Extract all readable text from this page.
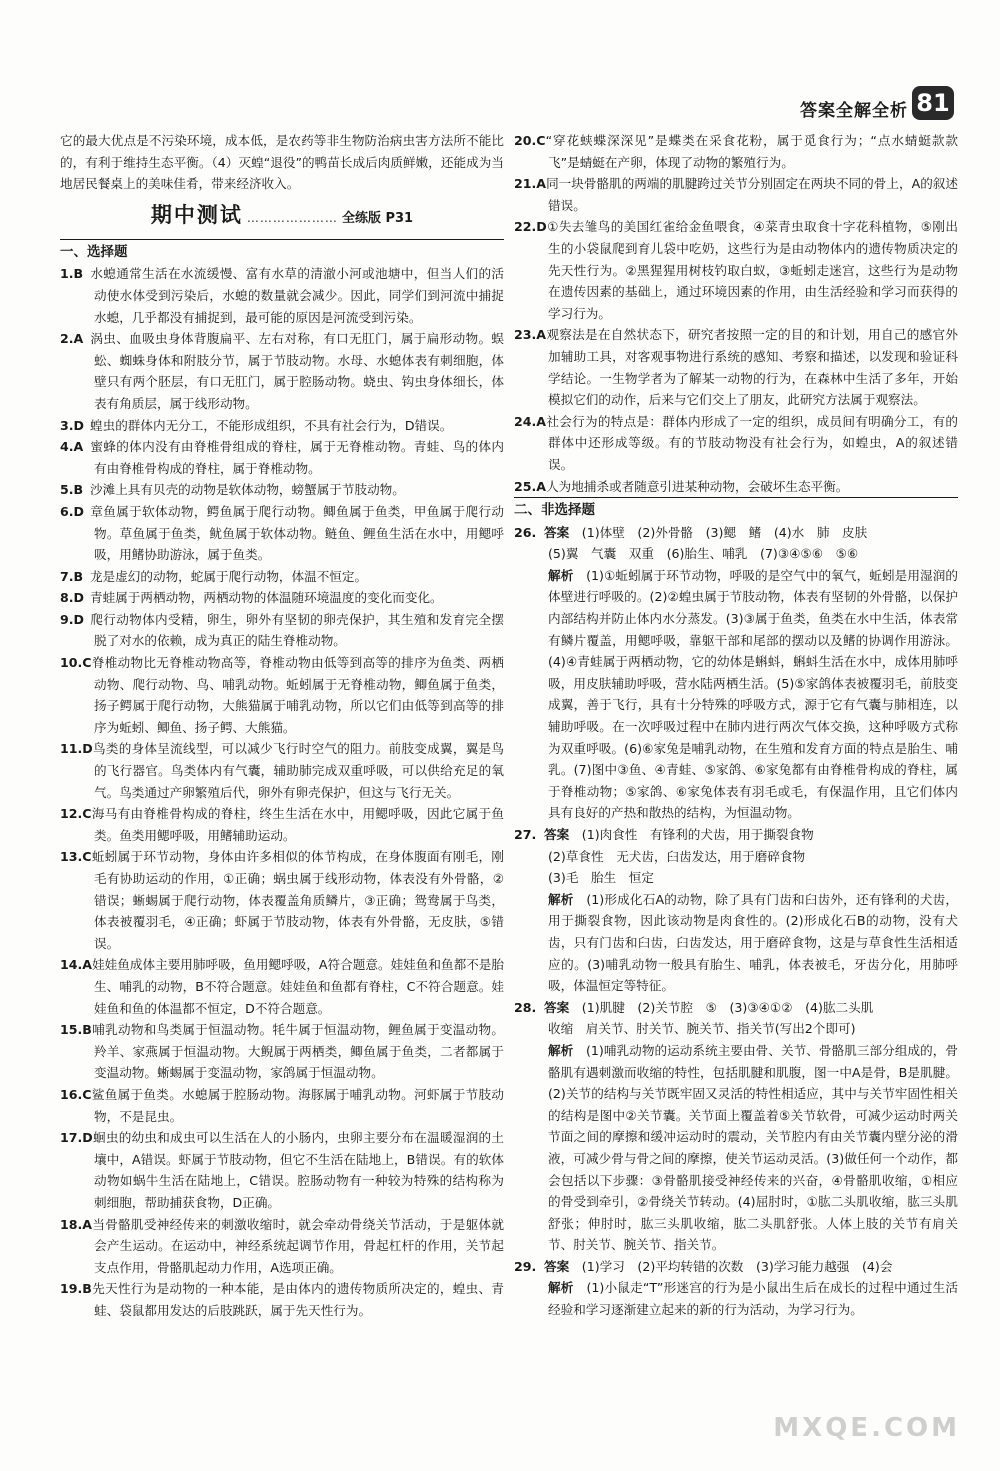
答案全解全析 81

它的最大优点是不污染环境，成本低，是农药等非生物防治病虫害方法所不能比的，有利于维持生态平衡。（4）灭蝗“退役”的鸭苗长成后肉质鲜嫩，还能成为当地居民餐桌上的美味佳肴，带来经济收入。

期中测试 ………………… 全练版 P31

一、选择题

1.B 水螅通常生活在水流缓慢、富有水草的清澈小河或池塘中，但当人们的活动使水体受到污染后，水螅的数量就会减少。因此，同学们到河流中捕捉水螅，几乎都没有捕捉到，最可能的原因是河流受到污染。

2.A 涡虫、血吸虫身体背腹扁平、左右对称，有口无肛门，属于扁形动物。蜈蚣、蜘蛛身体和附肢分节，属于节肢动物。水母、水螅体表有刺细胞，体壁只有两个胚层，有口无肛门，属于腔肠动物。蛲虫、钩虫身体细长，体表有角质层，属于线形动物。

3.D 蝗虫的群体内无分工，不能形成组织，不具有社会行为，D错误。

4.A 蜜蜂的体内没有由脊椎骨组成的脊柱，属于无脊椎动物。青蛙、鸟的体内有由脊椎骨构成的脊柱，属于脊椎动物。

5.B 沙滩上具有贝壳的动物是软体动物，螃蟹属于节肢动物。

6.D 章鱼属于软体动物，鳄鱼属于爬行动物。鲫鱼属于鱼类，甲鱼属于爬行动物。草鱼属于鱼类，鱿鱼属于软体动物。鲢鱼、鲤鱼生活在水中，用鳃呼吸，用鳍协助游泳，属于鱼类。

7.B 龙是虚幻的动物，蛇属于爬行动物，体温不恒定。

8.D 青蛙属于两栖动物，两栖动物的体温随环境温度的变化而变化。

9.D 爬行动物体内受精，卵生，卵外有坚韧的卵壳保护，其生殖和发育完全摆脱了对水的依赖，成为真正的陆生脊椎动物。

10.C脊椎动物比无脊椎动物高等，脊椎动物由低等到高等的排序为鱼类、两栖动物、爬行动物、鸟、哺乳动物。蚯蚓属于无脊椎动物，鲫鱼属于鱼类，扬子鳄属于爬行动物，大熊猫属于哺乳动物，所以它们由低等到高等的排序为蚯蚓、鲫鱼、扬子鳄、大熊猫。

11.D鸟类的身体呈流线型，可以减少飞行时空气的阻力。前肢变成翼，翼是鸟的飞行器官。鸟类体内有气囊，辅助肺完成双重呼吸，可以供给充足的氧气。鸟类通过产卵繁殖后代，卵外有卵壳保护，但这与飞行无关。

12.C海马有由脊椎骨构成的脊柱，终生生活在水中，用鳃呼吸，因此它属于鱼类。鱼类用鳃呼吸，用鳍辅助运动。

13.C蚯蚓属于环节动物，身体由许多相似的体节构成，在身体腹面有刚毛，刚毛有协助运动的作用，①正确；蜗虫属于线形动物，体表没有外骨骼，②错误；蜥蜴属于爬行动物，体表覆盖角质鳞片，③正确；鸳鸯属于鸟类，体表被覆羽毛，④正确；虾属于节肢动物，体表有外骨骼，无皮肤，⑤错误。

14.A娃娃鱼成体主要用肺呼吸，鱼用鳃呼吸，A符合题意。娃娃鱼和鱼都不是胎生、哺乳的动物，B不符合题意。娃娃鱼和鱼都有脊柱，C不符合题意。娃娃鱼和鱼的体温都不恒定，D不符合题意。

15.B哺乳动物和鸟类属于恒温动物。牦牛属于恒温动物，鲤鱼属于变温动物。羚羊、家燕属于恒温动物。大鲵属于两栖类，鲫鱼属于鱼类，二者都属于变温动物。蜥蜴属于变温动物，家鸽属于恒温动物。

16.C鲨鱼属于鱼类。水螅属于腔肠动物。海豚属于哺乳动物。河虾属于节肢动物，不是昆虫。

17.D蛔虫的幼虫和成虫可以生活在人的小肠内，虫卵主要分布在温暖湿润的土壤中，A错误。虾属于节肢动物，但它不生活在陆地上，B错误。有的软体动物如蜗牛生活在陆地上，C错误。腔肠动物有一种较为特殊的结构称为刺细胞，帮助捕获食物，D正确。

18.A当骨骼肌受神经传来的刺激收缩时，就会牵动骨绕关节活动，于是躯体就会产生运动。在运动中，神经系统起调节作用，骨起杠杆的作用，关节起支点作用，骨骼肌起动力作用，A选项正确。

19.B先天性行为是动物的一种本能，是由体内的遗传物质所决定的，蝗虫、青蛙、袋鼠都用发达的后肢跳跃，属于先天性行为。

20.C“穿花蛱蝶深深见”是蝶类在采食花粉，属于觅食行为；“点水蜻蜓款款飞”是蜻蜓在产卵，体现了动物的繁殖行为。

21.A同一块骨骼肌的两端的肌腱跨过关节分别固定在两块不同的骨上，A的叙述错误。

22.D①失去雏鸟的美国红雀给金鱼喂食，④菜青虫取食十字花科植物，⑤刚出生的小袋鼠爬到育儿袋中吃奶，这些行为是由动物体内的遗传物质决定的先天性行为。②黑猩猩用树枝钓取白蚁，③蚯蚓走迷宫，这些行为是动物在遗传因素的基础上，通过环境因素的作用，由生活经验和学习而获得的学习行为。

23.A观察法是在自然状态下，研究者按照一定的目的和计划，用自己的感官外加辅助工具，对客观事物进行系统的感知、考察和描述，以发现和验证科学结论。一生物学者为了解某一动物的行为，在森林中生活了多年，开始模拟它们的动作，后来与它们交上了朋友，此研究方法属于观察法。

24.A社会行为的特点是：群体内形成了一定的组织，成员间有明确分工，有的群体中还形成等级。有的节肢动物没有社会行为，如蝗虫，A的叙述错误。

25.A人为地捕杀或者随意引进某种动物，会破坏生态平衡。

二、非选择题

26. 答案　 (1)体壁　(2)外骨骼　(3)鳃　鳍　(4)水　肺　皮肤

(5)翼　气囊　双重　(6)胎生、哺乳　(7)③④⑤⑥　⑤⑥

解析　 (1)①蚯蚓属于环节动物，呼吸的是空气中的氧气，蚯蚓是用湿润的体壁进行呼吸的。(2)②蝗虫属于节肢动物，体表有坚韧的外骨骼，以保护内部结构并防止体内水分蒸发。(3)③属于鱼类，鱼类在水中生活，体表常有鳞片覆盖，用鳃呼吸，靠躯干部和尾部的摆动以及鳍的协调作用游泳。(4)④青蛙属于两栖动物，它的幼体是蝌蚪，蝌蚪生活在水中，成体用肺呼吸，用皮肤辅助呼吸，营水陆两栖生活。(5)⑤家鸽体表被覆羽毛，前肢变成翼，善于飞行，具有十分特殊的呼吸方式，源于它有气囊与肺相连，以辅助呼吸。在一次呼吸过程中在肺内进行两次气体交换，这种呼吸方式称为双重呼吸。(6)⑥家兔是哺乳动物，在生殖和发育方面的特点是胎生、哺乳。(7)图中③鱼、④青蛙、⑤家鸽、⑥家兔都有由脊椎骨构成的脊柱，属于脊椎动物；⑤家鸽、⑥家兔体表有羽毛或毛，有保温作用，且它们体内具有良好的产热和散热的结构，为恒温动物。

27. 答案　 (1)肉食性　有锋利的犬齿，用于撕裂食物

(2)草食性　无犬齿，臼齿发达，用于磨碎食物

(3)毛　胎生　恒定

解析　 (1)形成化石A的动物，除了具有门齿和臼齿外，还有锋利的犬齿，用于撕裂食物，因此该动物是肉食性的。(2)形成化石B的动物，没有犬齿，只有门齿和臼齿，臼齿发达，用于磨碎食物，这是与草食性生活相适应的。(3)哺乳动物一般具有胎生、哺乳，体表被毛，牙齿分化，用肺呼吸，体温恒定等特征。

28. 答案　 (1)肌腱　(2)关节腔　⑤　(3)③④①②　(4)肱二头肌

收缩　肩关节、肘关节、腕关节、指关节(写出2个即可)

解析　 (1)哺乳动物的运动系统主要由骨、关节、骨骼肌三部分组成的，骨骼肌有遇刺激而收缩的特性，包括肌腱和肌腹，图一中A是骨，B是肌腱。(2)关节的结构与关节既牢固又灵活的特性相适应，其中与关节牢固性相关的结构是图中②关节囊。关节面上覆盖着⑤关节软骨，可减少运动时两关节面之间的摩擦和缓冲运动时的震动，关节腔内有由关节囊内壁分泌的滑液，可减少骨与骨之间的摩擦，使关节运动灵活。(3)做任何一个动作，都会包括以下步骤：③骨骼肌接受神经传来的兴奋，④骨骼肌收缩，①相应的骨受到牵引，②骨绕关节转动。(4)屈肘时，①肱二头肌收缩，肱三头肌舒张；伸肘时，肱三头肌收缩，肱二头肌舒张。人体上肢的关节有肩关节、肘关节、腕关节、指关节。

29. 答案　 (1)学习　(2)平均转错的次数　(3)学习能力越强　(4)会

解析　 (1)小鼠走“T”形迷宫的行为是小鼠出生后在成长的过程中通过生活经验和学习逐渐建立起来的新的行为活动，为学习行为。

MXQE.COM
